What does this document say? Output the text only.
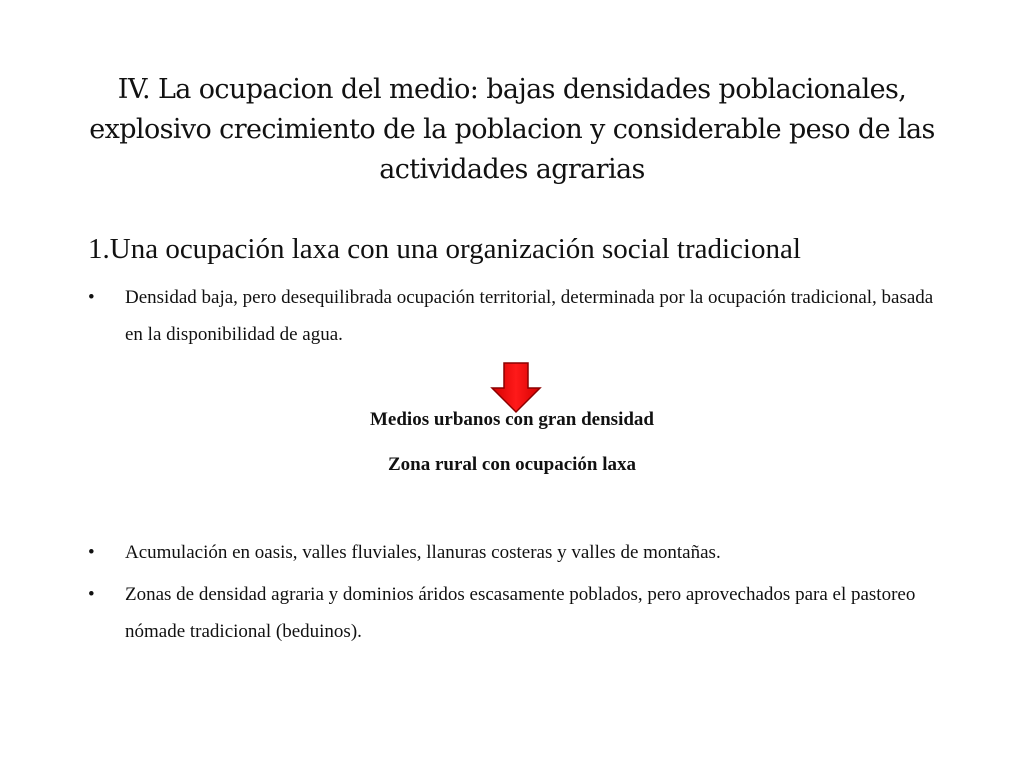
IV. La ocupacion del medio: bajas densidades poblacionales, explosivo crecimiento de la poblacion y considerable peso de las actividades agrarias
1.Una ocupación laxa con una organización social tradicional
•	Densidad baja, pero desequilibrada ocupación territorial, determinada por la ocupación tradicional, basada en la disponibilidad de agua.
Medios urbanos con gran densidad
Zona rural con ocupación laxa
•	Acumulación en oasis, valles fluviales, llanuras costeras y valles de montañas.
•	Zonas de densidad agraria y dominios áridos escasamente poblados, pero aprovechados para el pastoreo nómade tradicional (beduinos).
